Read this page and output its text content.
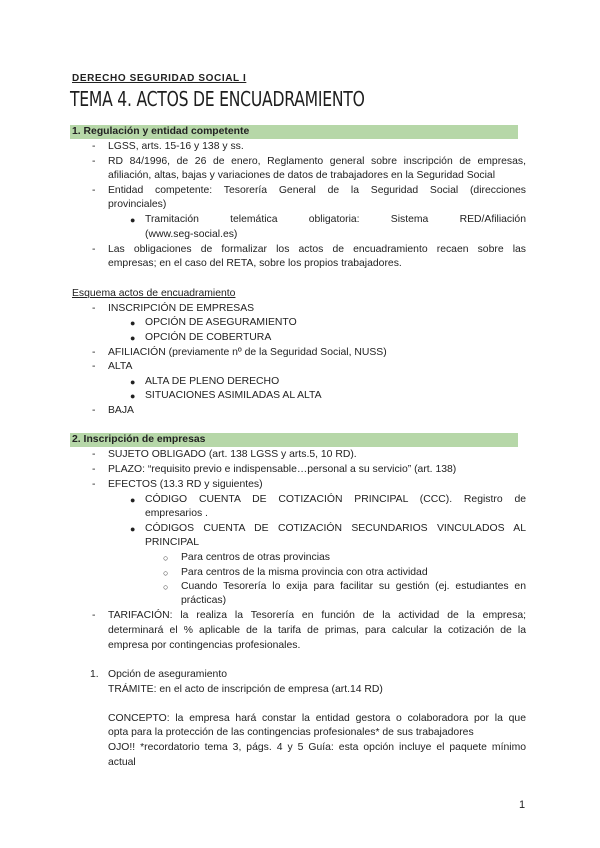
DERECHO SEGURIDAD SOCIAL I
TEMA 4. ACTOS DE ENCUADRAMIENTO
1. Regulación y entidad competente
- LGSS, arts. 15-16 y 138 y ss.
- RD 84/1996, de 26 de enero, Reglamento general sobre inscripción de empresas,
afiliación, altas, bajas y variaciones de datos de trabajadores en la Seguridad Social
- Entidad competente: Tesorería General de la Seguridad Social (direcciones
provinciales)
● Tramitación telemática obligatoria: Sistema RED/Afiliación
(www.seg-social.es)
- Las obligaciones de formalizar los actos de encuadramiento recaen sobre las
empresas; en el caso del RETA, sobre los propios trabajadores.
Esquema actos de encuadramiento
- INSCRIPCIÓN DE EMPRESAS
● OPCIÓN DE ASEGURAMIENTO
● OPCIÓN DE COBERTURA
- AFILIACIÓN (previamente nº de la Seguridad Social, NUSS)
- ALTA
● ALTA DE PLENO DERECHO
● SITUACIONES ASIMILADAS AL ALTA
- BAJA
2. Inscripción de empresas
- SUJETO OBLIGADO (art. 138 LGSS y arts.5, 10 RD).
- PLAZO: “requisito previo e indispensable…personal a su servicio” (art. 138)
- EFECTOS (13.3 RD y siguientes)
● CÓDIGO CUENTA DE COTIZACIÓN PRINCIPAL (CCC). Registro de
empresarios .
● CÓDIGOS CUENTA DE COTIZACIÓN SECUNDARIOS VINCULADOS AL
PRINCIPAL
○ Para centros de otras provincias
○ Para centros de la misma provincia con otra actividad
○ Cuando Tesorería lo exija para facilitar su gestión (ej. estudiantes en
prácticas)
- TARIFACIÓN: la realiza la Tesorería en función de la actividad de la empresa;
determinará el % aplicable de la tarifa de primas, para calcular la cotización de la
empresa por contingencias profesionales.
1. Opción de aseguramiento
TRÁMITE: en el acto de inscripción de empresa (art.14 RD)
CONCEPTO: la empresa hará constar la entidad gestora o colaboradora por la que
opta para la protección de las contingencias profesionales* de sus trabajadores
OJO!! *recordatorio tema 3, págs. 4 y 5 Guía: esta opción incluye el paquete mínimo
actual
1
